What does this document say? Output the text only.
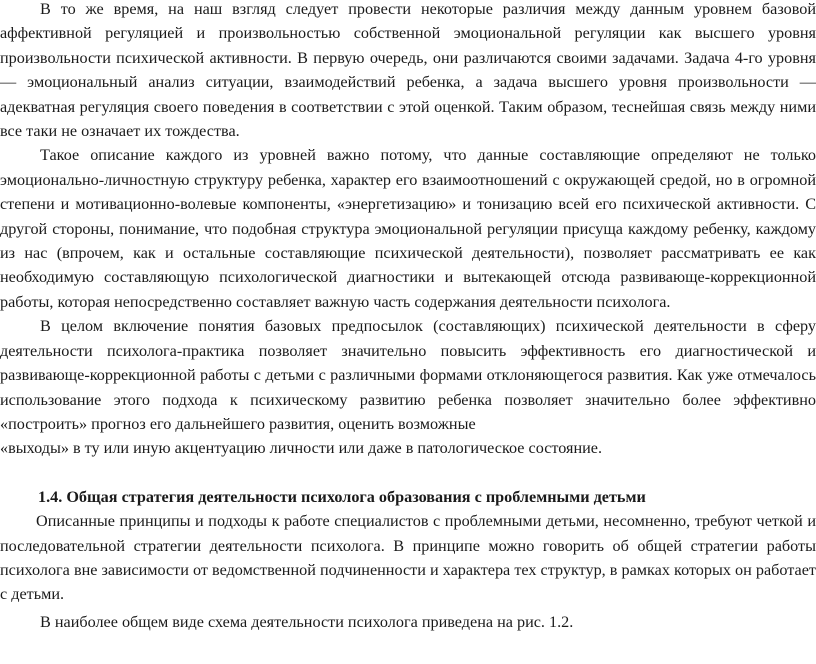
В то же время, на наш взгляд следует провести некоторые различия между данным уровнем базовой аффективной регуляцией и произвольностью собственной эмоциональной регуляции как высшего уровня произвольности психической активности. В первую очередь, они различаются своими задачами. Задача 4-го уровня — эмоциональный анализ ситуации, взаимодействий ребенка, а задача высшего уровня произвольности — адекватная регуляция своего поведения в соответствии с этой оценкой. Таким образом, теснейшая связь между ними все таки не означает их тождества.

Такое описание каждого из уровней важно потому, что данные составляющие определяют не только эмоционально-личностную структуру ребенка, характер его взаимоотношений с окружающей средой, но в огромной степени и мотивационно-волевые компоненты, «энергетизацию» и тонизацию всей его психической активности. С другой стороны, понимание, что подобная структура эмоциональной регуляции присуща каждому ребенку, каждому из нас (впрочем, как и остальные составляющие психической деятельности), позволяет рассматривать ее как необходимую составляющую психологической диагностики и вытекающей отсюда развивающе-коррекционной работы, которая непосредственно составляет важную часть содержания деятельности психолога.

В целом включение понятия базовых предпосылок (составляющих) психической деятельности в сферу деятельности психолога-практика позволяет значительно повысить эффективность его диагностической и развивающе-коррекционной работы с детьми с различными формами отклоняющегося развития. Как уже отмечалось использование этого подхода к психическому развитию ребенка позволяет значительно более эффективно «построить» прогноз его дальнейшего развития, оценить возможные

«выходы» в ту или иную акцентуацию личности или даже в патологическое состояние.

1.4. Общая стратегия деятельности психолога образования с проблемными детьми

Описанные принципы и подходы к работе специалистов с проблемными детьми, несомненно, требуют четкой и последовательной стратегии деятельности психолога. В принципе можно говорить об общей стратегии работы психолога вне зависимости от ведомственной подчиненности и характера тех структур, в рамках которых он работает с детьми.

В наиболее общем виде схема деятельности психолога приведена на рис. 1.2.
